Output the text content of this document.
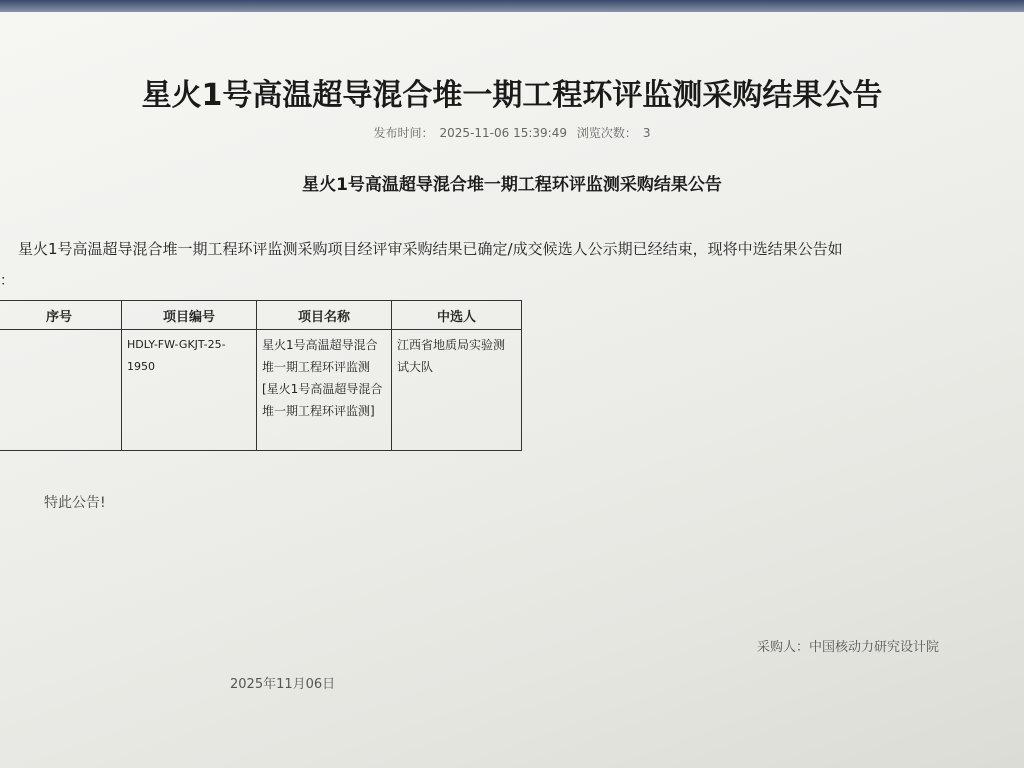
星火1号高温超导混合堆一期工程环评监测采购结果公告
发布时间： 2025-11-06 15:39:49 浏览次数： 3
星火1号高温超导混合堆一期工程环评监测采购结果公告
星火1号高温超导混合堆一期工程环评监测采购项目经评审采购结果已确定/成交候选人公示期已经结束，现将中选结果公告如
：
序号	项目编号	项目名称	中选人
	HDLY-FW-GKJT-25-1950	星火1号高温超导混合堆一期工程环评监测[星火1号高温超导混合堆一期工程环评监测]	江西省地质局实验测试大队
特此公告!
采购人：中国核动力研究设计院
2025年11月06日
